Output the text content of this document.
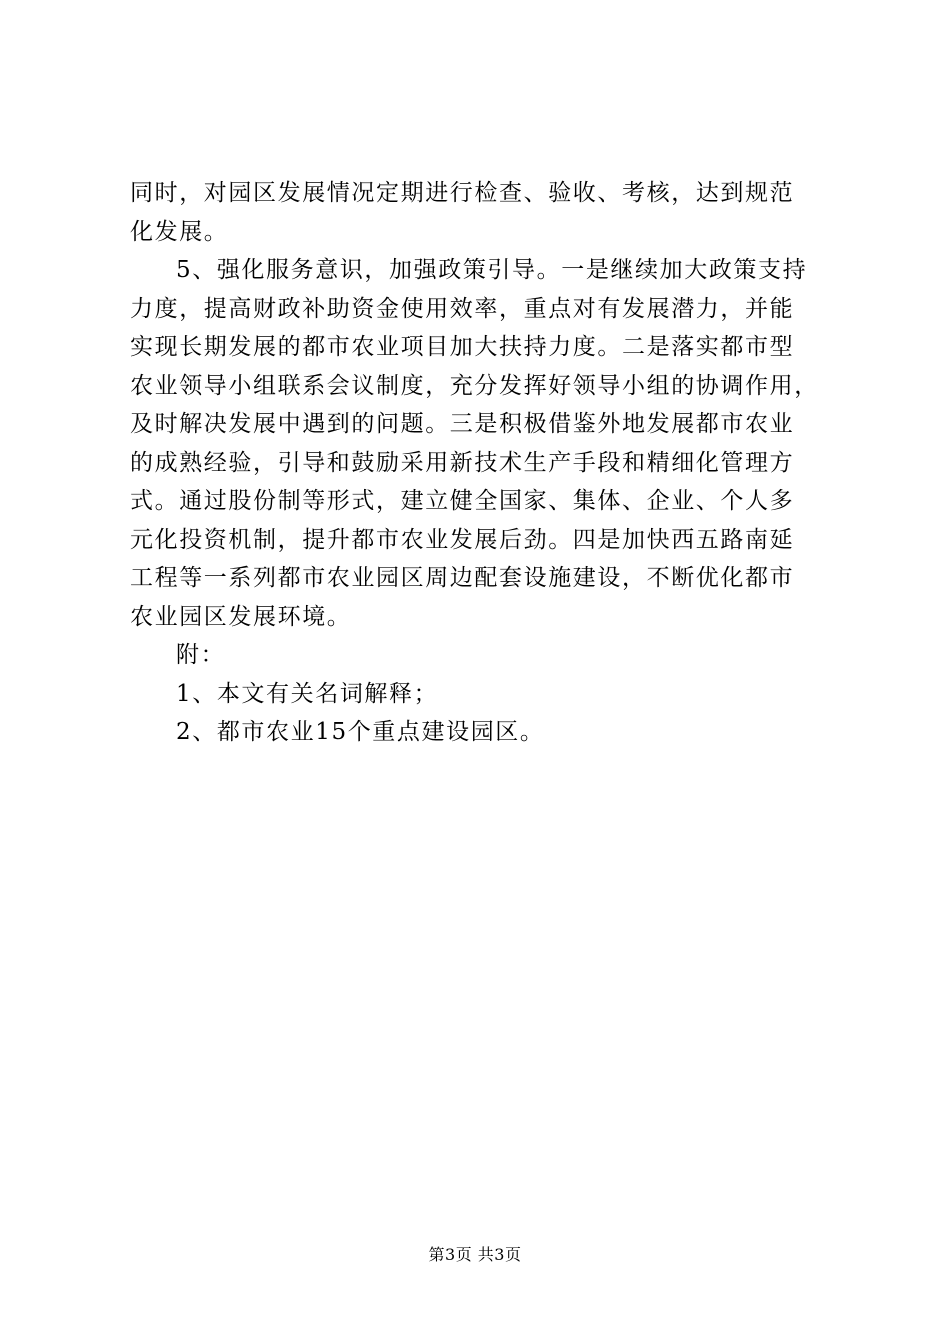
同时，对园区发展情况定期进行检查、验收、考核，达到规范
化发展。
5、强化服务意识，加强政策引导。一是继续加大政策支持
力度，提高财政补助资金使用效率，重点对有发展潜力，并能
实现长期发展的都市农业项目加大扶持力度。二是落实都市型
农业领导小组联系会议制度，充分发挥好领导小组的协调作用，
及时解决发展中遇到的问题。三是积极借鉴外地发展都市农业
的成熟经验，引导和鼓励采用新技术生产手段和精细化管理方
式。通过股份制等形式，建立健全国家、集体、企业、个人多
元化投资机制，提升都市农业发展后劲。四是加快西五路南延
工程等一系列都市农业园区周边配套设施建设，不断优化都市
农业园区发展环境。
附：
1、本文有关名词解释；
2、都市农业15个重点建设园区。
第3页 共3页
